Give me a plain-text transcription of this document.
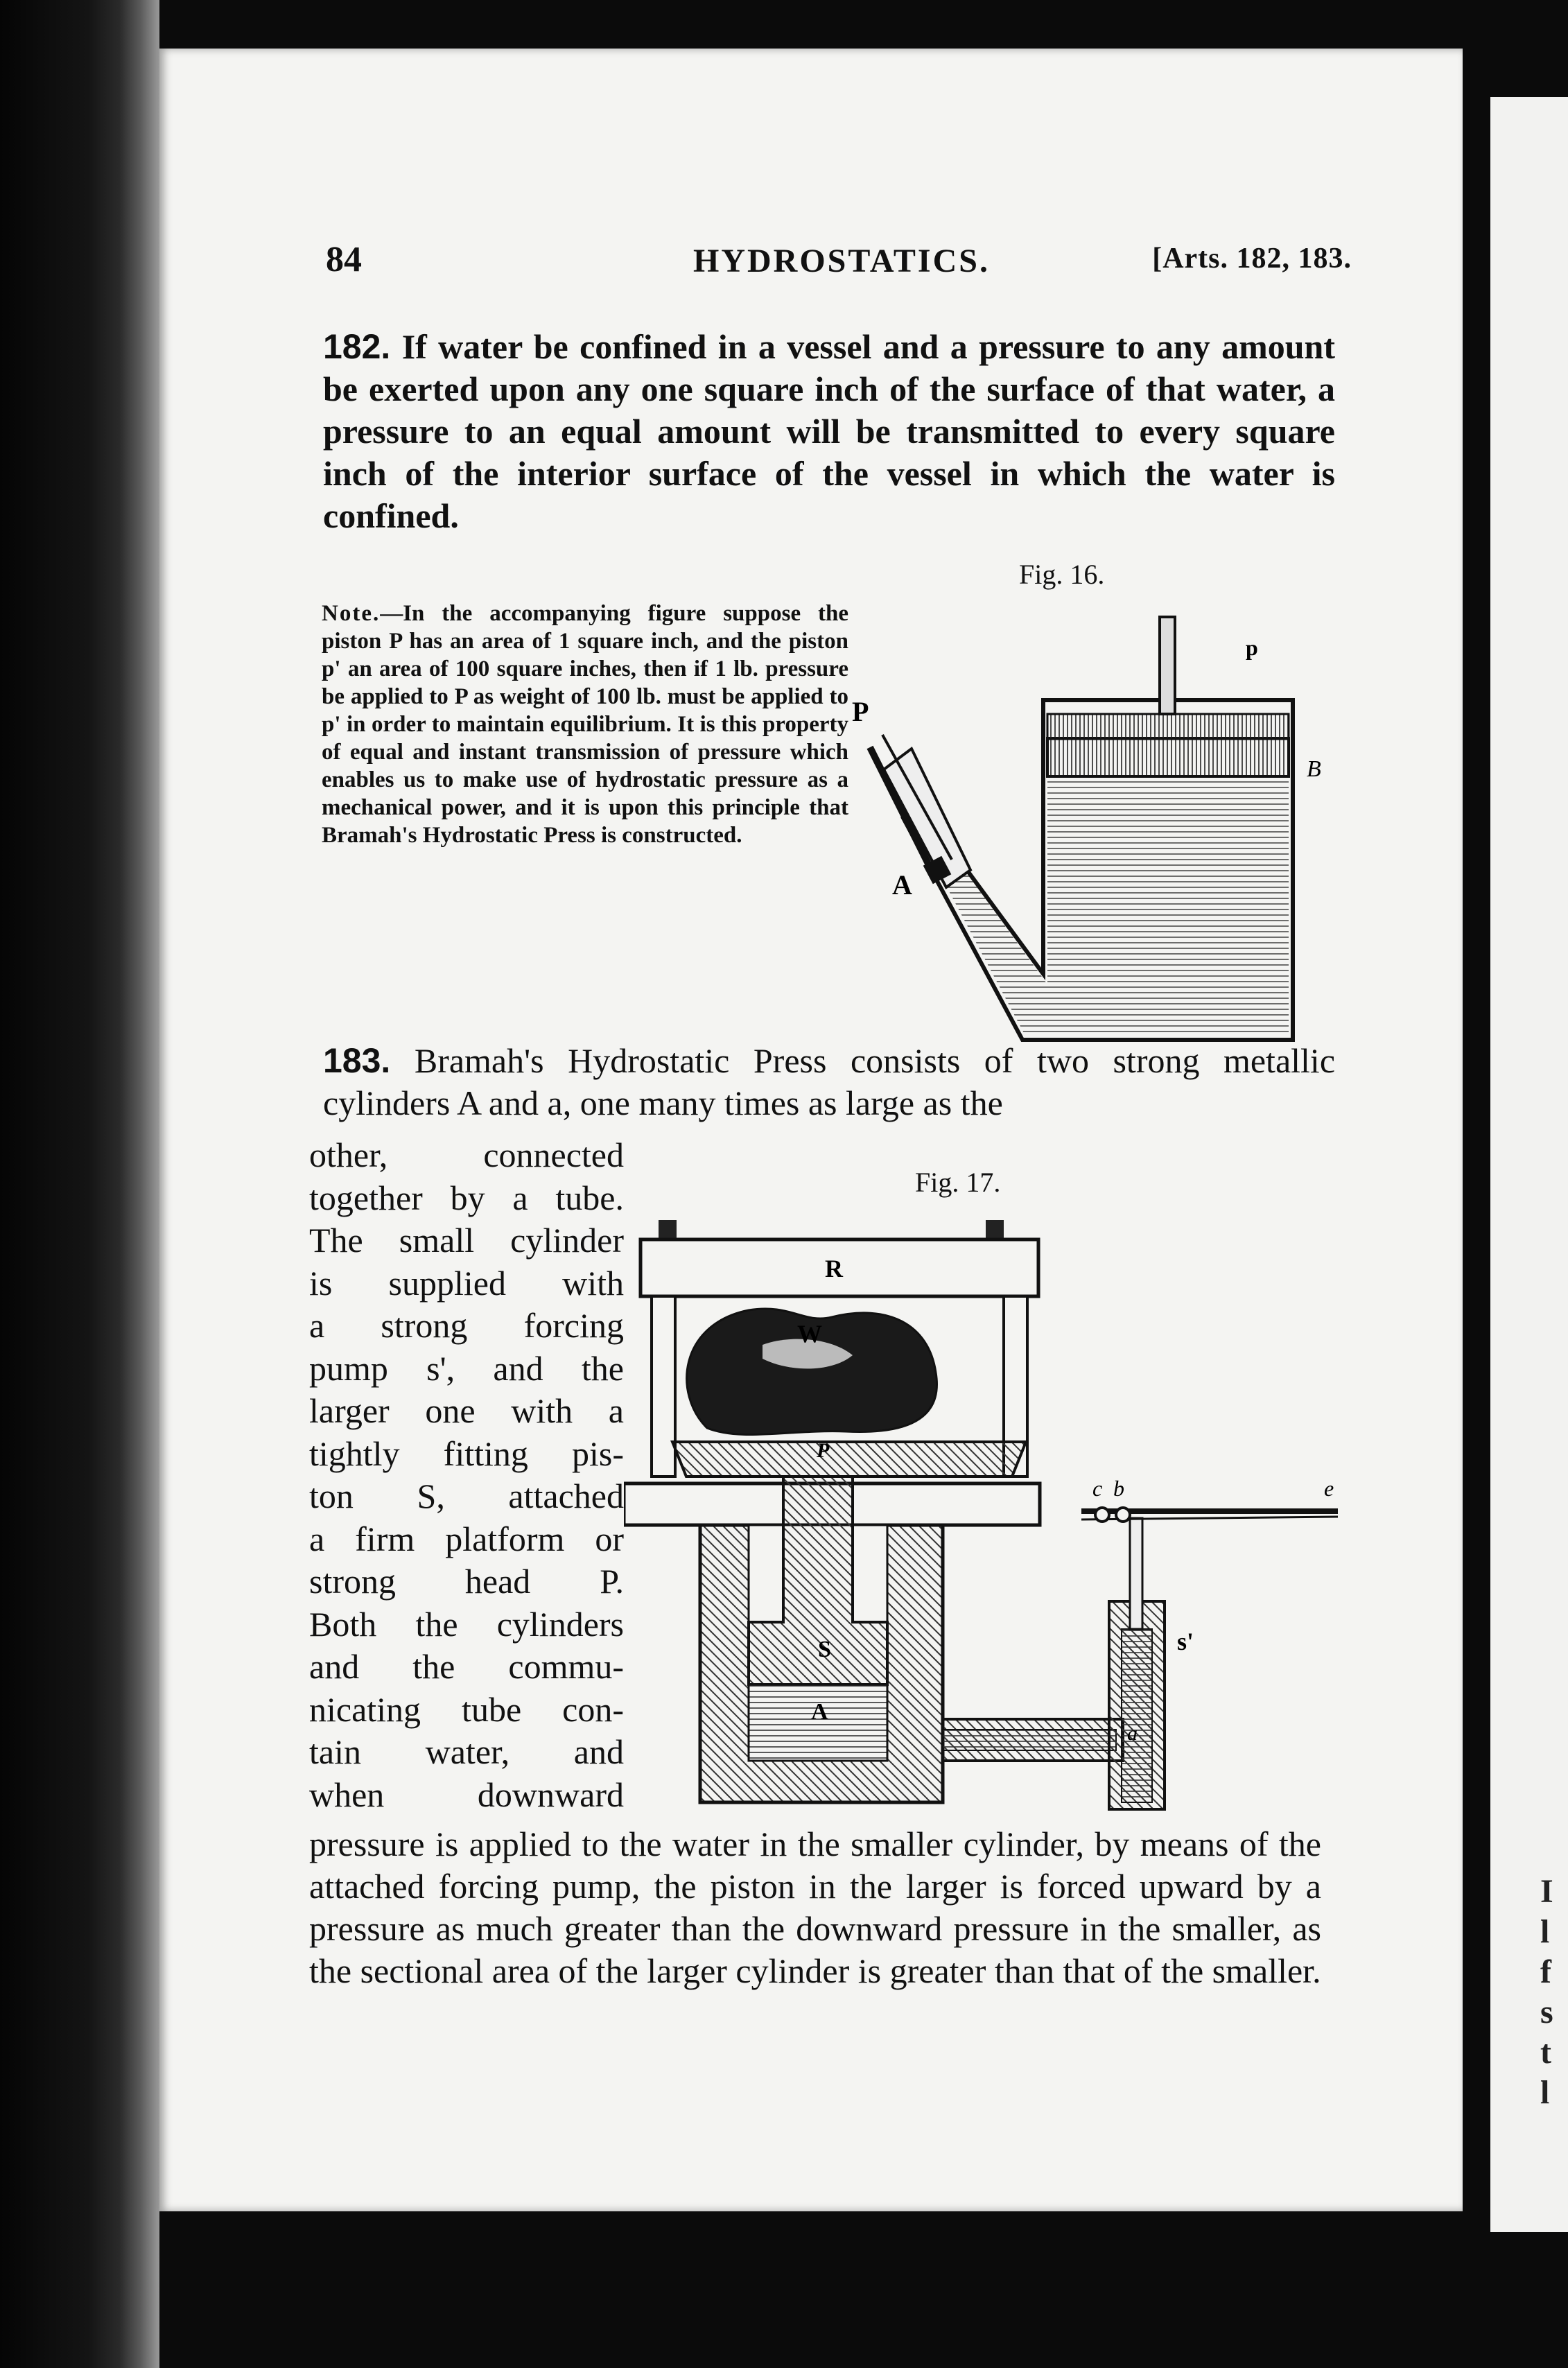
I
l
f
s
t
l
84	HYDROSTATICS.	[Arts. 182, 183.
182. If water be confined in a vessel and a pressure to any amount be exerted upon any one square inch of the surface of that water, a pressure to an equal amount will be transmitted to every square inch of the interior surface of the vessel in which the water is confined.
Fig. 16.
Note.—In the accompanying figure suppose the piston P has an area of 1 square inch, and the piston p' an area of 100 square inches, then if 1 lb. pressure be applied to P as weight of 100 lb. must be applied to p' in order to maintain equilibrium. It is this property of equal and instant transmission of pressure which enables us to make use of hydrostatic pressure as a mechanical power, and it is upon this principle that Bramah's Hydrostatic Press is constructed.
p
P
A
B
183. Bramah's Hydrostatic Press consists of two strong metallic cylinders A and a, one many times as large as the
Fig. 17.
other, connected
together by a tube.
The small cylinder
is supplied with
a strong forcing
pump s', and the
larger one with a
tightly fitting pis-
ton S, attached
a firm platform or
strong head P.
Both the cylinders
and the commu-
nicating tube con-
tain water, and
when downward
R
W
P
S
A
c b	e
s'
a
pressure is applied to the water in the smaller cylinder, by means of the attached forcing pump, the piston in the larger is forced upward by a pressure as much greater than the downward pressure in the smaller, as the sectional area of the larger cylinder is greater than that of the smaller.
